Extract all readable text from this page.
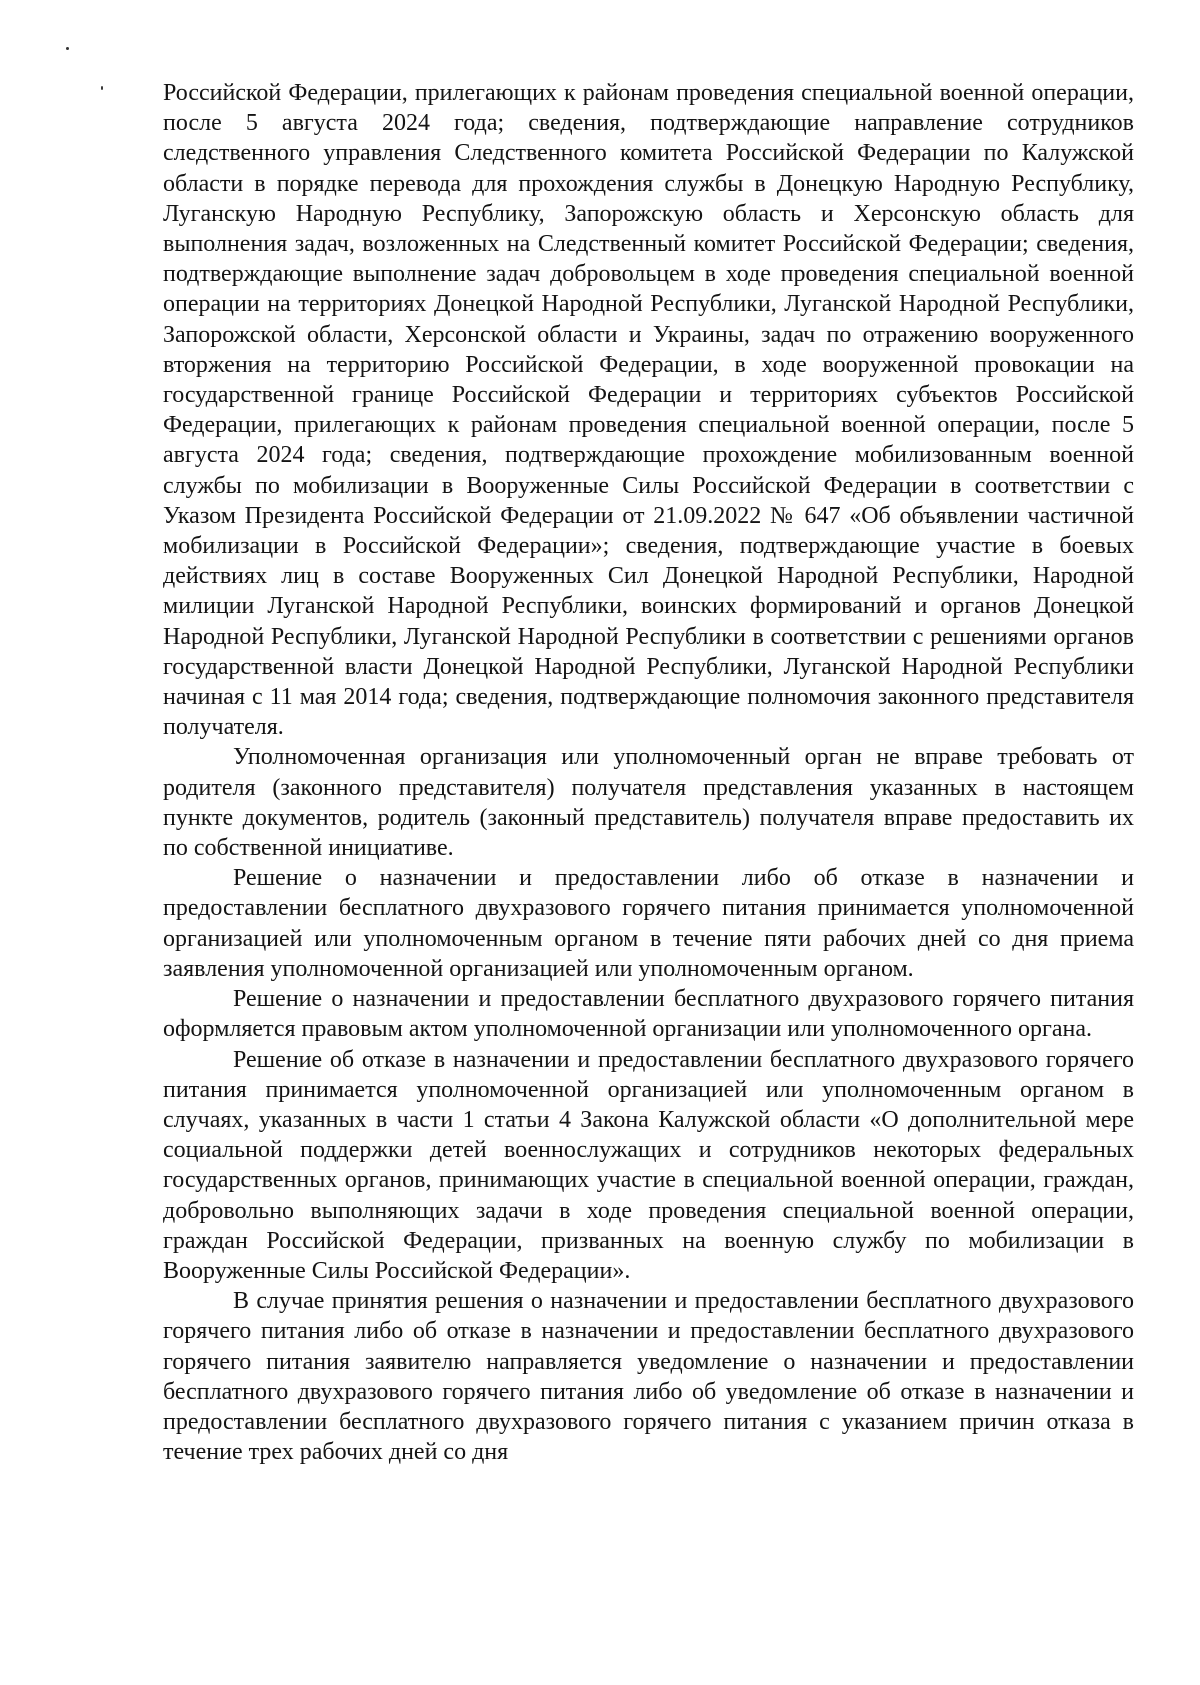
Российской Федерации, прилегающих к районам проведения специальной военной операции, после 5 августа 2024 года; сведения, подтверждающие направление сотрудников следственного управления Следственного комитета Российской Федерации по Калужской области в порядке перевода для прохождения службы в Донецкую Народную Республику, Луганскую Народную Республику, Запорожскую область и Херсонскую область для выполнения задач, возложенных на Следственный комитет Российской Федерации; сведения, подтверждающие выполнение задач добровольцем в ходе проведения специальной военной операции на территориях Донецкой Народной Республики, Луганской Народной Республики, Запорожской области, Херсонской области и Украины, задач по отражению вооруженного вторжения на территорию Российской Федерации, в ходе вооруженной провокации на государственной границе Российской Федерации и территориях субъектов Российской Федерации, прилегающих к районам проведения специальной военной операции, после 5 августа 2024 года; сведения, подтверждающие прохождение мобилизованным военной службы по мобилизации в Вооруженные Силы Российской Федерации в соответствии с Указом Президента Российской Федерации от 21.09.2022 № 647 «Об объявлении частичной мобилизации в Российской Федерации»; сведения, подтверждающие участие в боевых действиях лиц в составе Вооруженных Сил Донецкой Народной Республики, Народной милиции Луганской Народной Республики, воинских формирований и органов Донецкой Народной Республики, Луганской Народной Республики в соответствии с решениями органов государственной власти Донецкой Народной Республики, Луганской Народной Республики начиная с 11 мая 2014 года; сведения, подтверждающие полномочия законного представителя получателя.

Уполномоченная организация или уполномоченный орган не вправе требовать от родителя (законного представителя) получателя представления указанных в настоящем пункте документов, родитель (законный представитель) получателя вправе предоставить их по собственной инициативе.

Решение о назначении и предоставлении либо об отказе в назначении и предоставлении бесплатного двухразового горячего питания принимается уполномоченной организацией или уполномоченным органом в течение пяти рабочих дней со дня приема заявления уполномоченной организацией или уполномоченным органом.

Решение о назначении и предоставлении бесплатного двухразового горячего питания оформляется правовым актом уполномоченной организации или уполномоченного органа.

Решение об отказе в назначении и предоставлении бесплатного двухразового горячего питания принимается уполномоченной организацией или уполномоченным органом в случаях, указанных в части 1 статьи 4 Закона Калужской области «О дополнительной мере социальной поддержки детей военнослужащих и сотрудников некоторых федеральных государственных органов, принимающих участие в специальной военной операции, граждан, добровольно выполняющих задачи в ходе проведения специальной военной операции, граждан Российской Федерации, призванных на военную службу по мобилизации в Вооруженные Силы Российской Федерации».

В случае принятия решения о назначении и предоставлении бесплатного двухразового горячего питания либо об отказе в назначении и предоставлении бесплатного двухразового горячего питания заявителю направляется уведомление о назначении и предоставлении бесплатного двухразового горячего питания либо об уведомление об отказе в назначении и предоставлении бесплатного двухразового горячего питания с указанием причин отказа в течение трех рабочих дней со дня
